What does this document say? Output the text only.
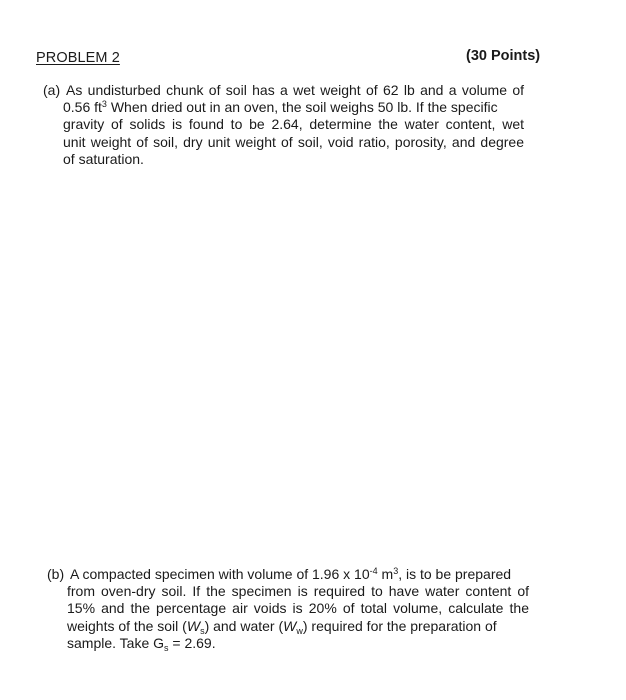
PROBLEM 2	(30 Points)
(a) As undisturbed chunk of soil has a wet weight of 62 lb and a volume of
0.56 $ft^3$ When dried out in an oven, the soil weighs 50 lb. If the specific
gravity of solids is found to be 2.64, determine the water content, wet
unit weight of soil, dry unit weight of soil, void ratio, porosity, and degree
of saturation.
(b) A compacted specimen with volume of 1.96 x $10^{-4}$ $m^3$, is to be prepared
from oven-dry soil. If the specimen is required to have water content of
15% and the percentage air voids is 20% of total volume, calculate the
weights of the soil $(W_s)$ and water $(W_w)$ required for the preparation of
sample. Take $G_s = 2.69$.
